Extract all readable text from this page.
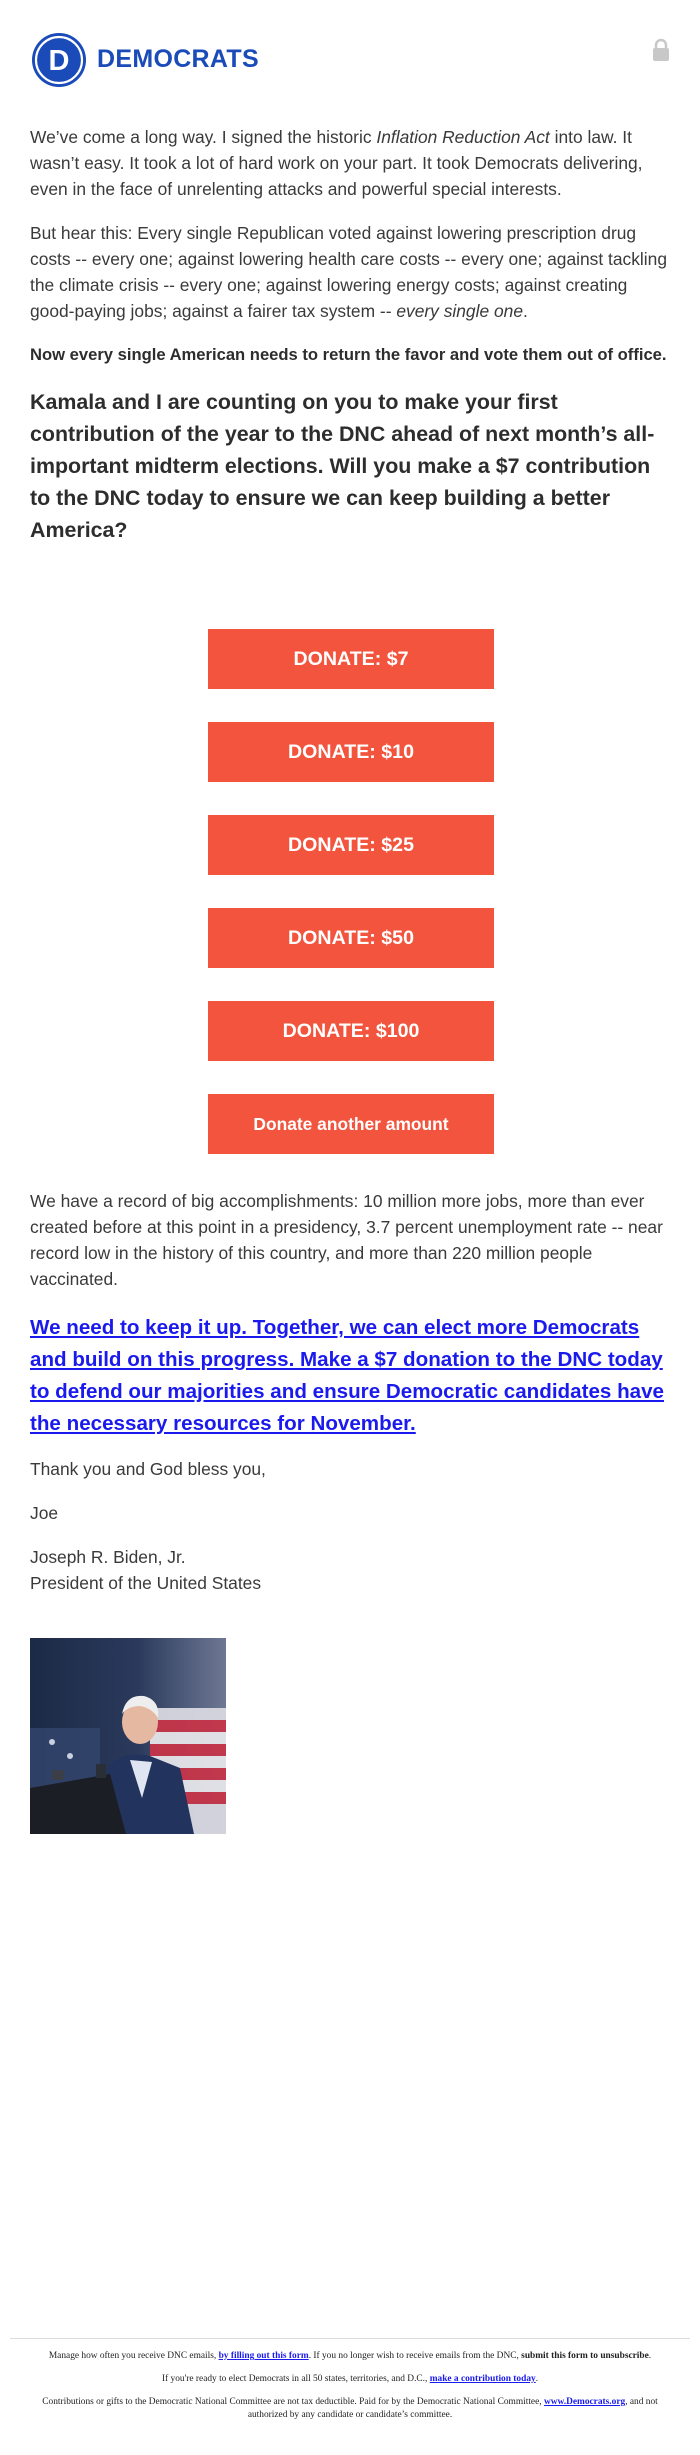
D DEMOCRATS

We’ve come a long way. I signed the historic Inflation Reduction Act into law. It wasn’t easy. It took a lot of hard work on your part. It took Democrats delivering, even in the face of unrelenting attacks and powerful special interests.

But hear this: Every single Republican voted against lowering prescription drug costs -- every one; against lowering health care costs -- every one; against tackling the climate crisis -- every one; against lowering energy costs; against creating good-paying jobs; against a fairer tax system -- every single one.

Now every single American needs to return the favor and vote them out of office.

Kamala and I are counting on you to make your first contribution of the year to the DNC ahead of next month’s all-important midterm elections. Will you make a $7 contribution to the DNC today to ensure we can keep building a better America?

DONATE: $7
DONATE: $10
DONATE: $25
DONATE: $50
DONATE: $100
Donate another amount

We have a record of big accomplishments: 10 million more jobs, more than ever created before at this point in a presidency, 3.7 percent unemployment rate -- near record low in the history of this country, and more than 220 million people vaccinated.

We need to keep it up. Together, we can elect more Democrats and build on this progress. Make a $7 donation to the DNC today to defend our majorities and ensure Democratic candidates have the necessary resources for November.

Thank you and God bless you,

Joe

Joseph R. Biden, Jr.

President of the United States

Manage how often you receive DNC emails, by filling out this form. If you no longer wish to receive emails from the DNC, submit this form to unsubscribe.

If you're ready to elect Democrats in all 50 states, territories, and D.C., make a contribution today.

Contributions or gifts to the Democratic National Committee are not tax deductible. Paid for by the Democratic National Committee, www.Democrats.org, and not authorized by any candidate or candidate’s committee.
